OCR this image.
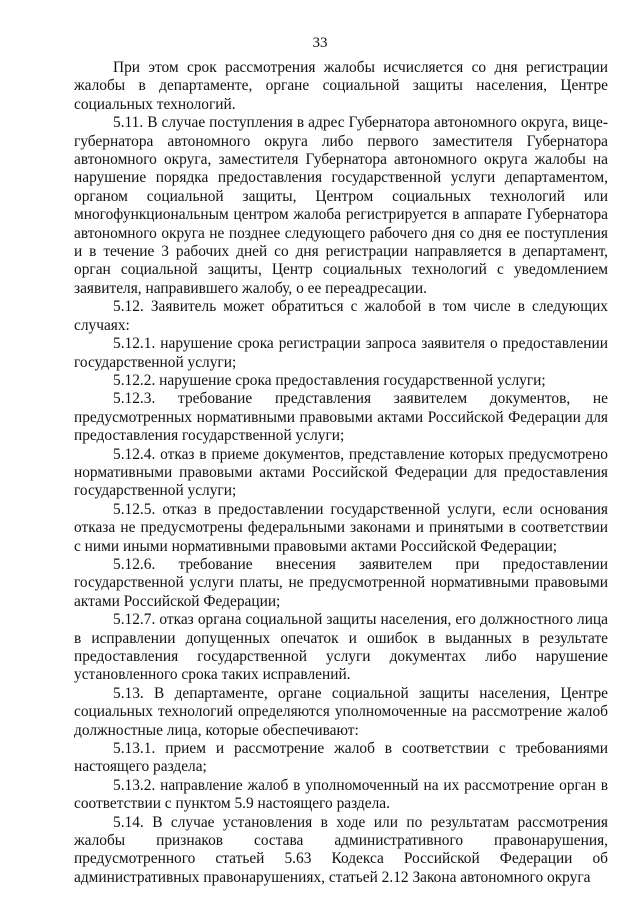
33

При этом срок рассмотрения жалобы исчисляется со дня регистрации жалобы в департаменте, органе социальной защиты населения, Центре социальных технологий.

5.11. В случае поступления в адрес Губернатора автономного округа, вице-губернатора автономного округа либо первого заместителя Губернатора автономного округа, заместителя Губернатора автономного округа жалобы на нарушение порядка предоставления государственной услуги департаментом, органом социальной защиты, Центром социальных технологий или многофункциональным центром жалоба регистрируется в аппарате Губернатора автономного округа не позднее следующего рабочего дня со дня ее поступления и в течение 3 рабочих дней со дня регистрации направляется в департамент, орган социальной защиты, Центр социальных технологий с уведомлением заявителя, направившего жалобу, о ее переадресации.

5.12. Заявитель может обратиться с жалобой в том числе в следующих случаях:

5.12.1. нарушение срока регистрации запроса заявителя о предоставлении государственной услуги;

5.12.2. нарушение срока предоставления государственной услуги;

5.12.3. требование представления заявителем документов, не предусмотренных нормативными правовыми актами Российской Федерации для предоставления государственной услуги;

5.12.4. отказ в приеме документов, представление которых предусмотрено нормативными правовыми актами Российской Федерации для предоставления государственной услуги;

5.12.5. отказ в предоставлении государственной услуги, если основания отказа не предусмотрены федеральными законами и принятыми в соответствии с ними иными нормативными правовыми актами Российской Федерации;

5.12.6. требование внесения заявителем при предоставлении государственной услуги платы, не предусмотренной нормативными правовыми актами Российской Федерации;

5.12.7. отказ органа социальной защиты населения, его должностного лица в исправлении допущенных опечаток и ошибок в выданных в результате предоставления государственной услуги документах либо нарушение установленного срока таких исправлений.

5.13. В департаменте, органе социальной защиты населения, Центре социальных технологий определяются уполномоченные на рассмотрение жалоб должностные лица, которые обеспечивают:

5.13.1. прием и рассмотрение жалоб в соответствии с требованиями настоящего раздела;

5.13.2. направление жалоб в уполномоченный на их рассмотрение орган в соответствии с пунктом 5.9 настоящего раздела.

5.14. В случае установления в ходе или по результатам рассмотрения жалобы признаков состава административного правонарушения, предусмотренного статьей 5.63 Кодекса Российской Федерации об административных правонарушениях, статьей 2.12 Закона автономного округа
